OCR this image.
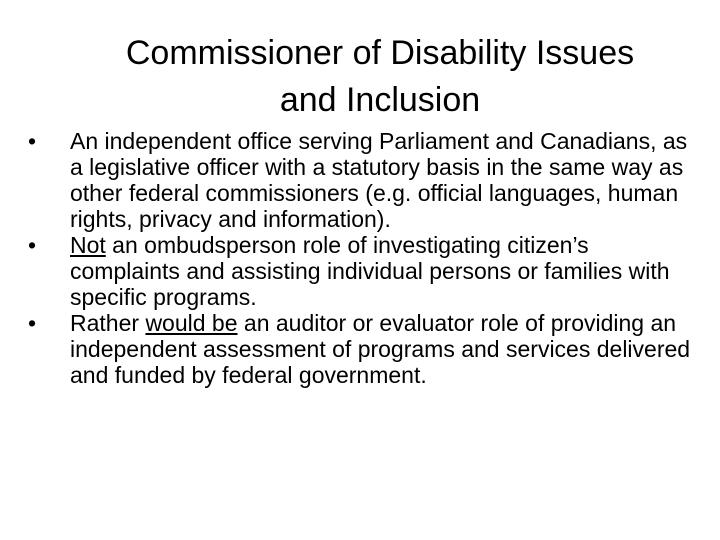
Commissioner of Disability Issues
and Inclusion
•	An independent office serving Parliament and Canadians, as a legislative officer with a statutory basis in the same way as other federal commissioners (e.g. official languages, human rights, privacy and information).
•	Not an ombudsperson role of investigating citizen’s complaints and assisting individual persons or families with specific programs.
•	Rather would be an auditor or evaluator role of providing an independent assessment of programs and services delivered and funded by federal government.
